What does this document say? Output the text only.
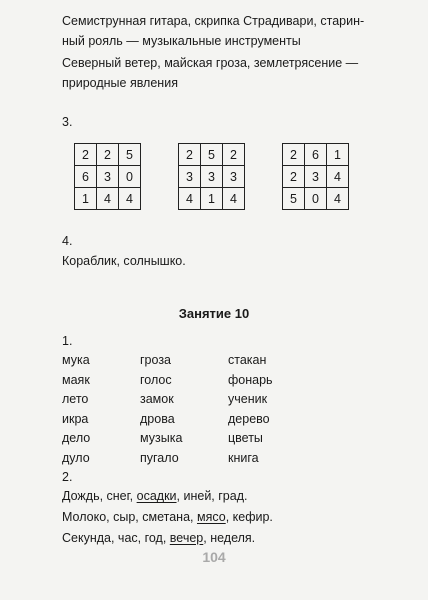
Семиструнная гитара, скрипка Страдивари, старин-
ный рояль — музыкальные инструменты
Северный ветер, майская гроза, землетрясение —
природные явления
3.
2	2	5
6	3	0
1	4	4
2	5	2
3	3	3
4	1	4
2	6	1
2	3	4
5	0	4
4.
Кораблик, солнышко.
Занятие 10
1.
мука	гроза	стакан
маяк	голос	фонарь
лето	замок	ученик
икра	дрова	дерево
дело	музыка	цветы
дуло	пугало	книга
2.
Дождь, снег, осадки, иней, град.
Молоко, сыр, сметана, мясо, кефир.
Секунда, час, год, вечер, неделя.
104
